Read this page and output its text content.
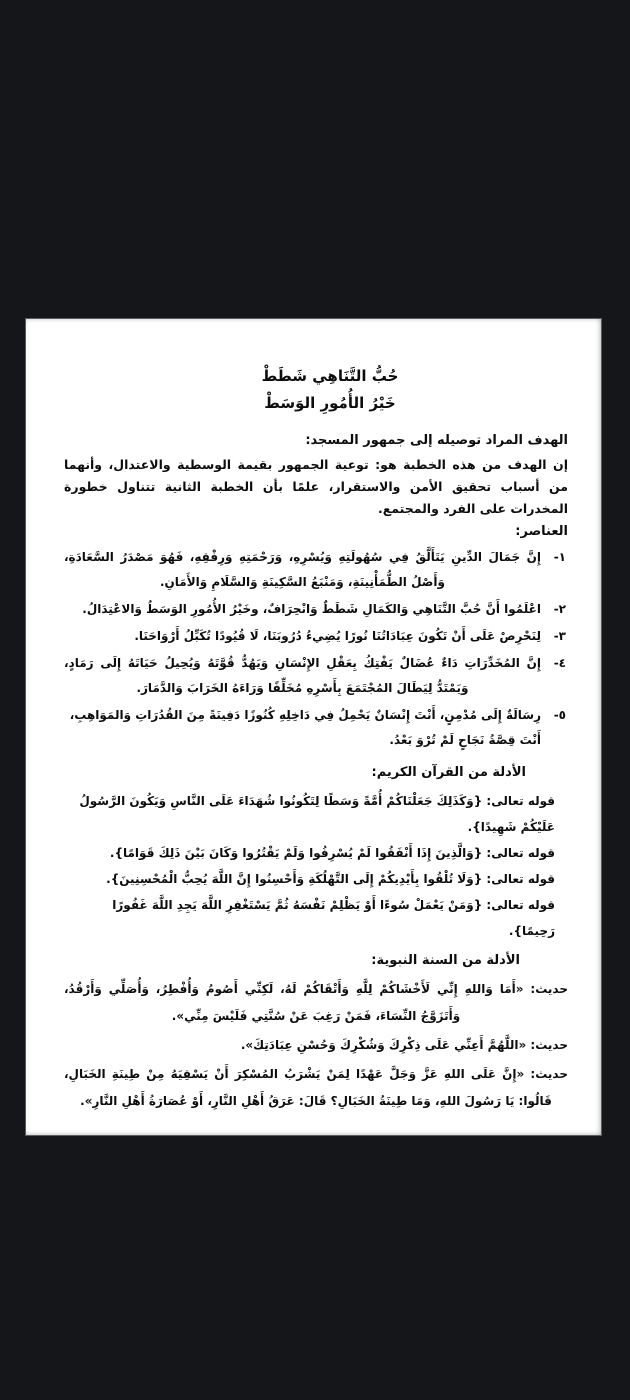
حُبُّ التَّنَاهِي شَطَطْ
خَيْرُ الأُمُورِ الوَسَطْ
الهدف المراد توصيله إلى جمهور المسجد:
إن الهدف من هذه الخطبة هو: توعية الجمهور بقيمة الوسطية والاعتدال، وأنهما من أسباب تحقيق الأمن والاستقرار، علمًا بأن الخطبة الثانية تتناول خطورة المخدرات على الفرد والمجتمع.
العناصر:
١-
إِنَّ جَمَالَ الدِّينِ يَتَأَلَّقُ فِي سُهُولَتِهِ وَيُسْرِهِ، وَرَحْمَتِهِ وَرِفْقِهِ، فَهُوَ مَصْدَرُ السَّعَادَةِ، وَأَصْلُ الطُّمَأْنِينَةِ، وَمَنْبَعُ السَّكِينَةِ وَالسَّلَامِ وَالأَمَانِ.
٢-
اعْلَمُوا أَنَّ حُبَّ التَّنَاهِي وَالكَمَالِ شَطَطٌ وَانْحِرَافٌ، وخَيْرُ الأُمُورِ الوَسَطُ وَالاعْتِدَالُ.
٣-
لِنَحْرِصْ عَلَى أَنْ تَكُونَ عِبَادَاتُنَا نُورًا يُضِيءُ دُرُوبَنَا، لَا قُيُودًا تُكَبِّلُ أَرْوَاحَنَا.
٤-
إِنَّ المُخَدِّرَاتِ دَاءٌ عُضَالٌ يَفْتِكُ بِعَقْلِ الإِنْسَانِ وَيَهُدُّ قُوَّتَهُ وَيُحِيلُ حَيَاتَهُ إِلَى رَمَادٍ، وَيَمْتَدُّ لِيَطَالَ المُجْتَمَعَ بِأَسْرِهِ مُخَلِّفًا وَرَاءَهُ الخَرَابَ وَالدَّمَارَ.
٥-
رِسَالَةٌ إِلَى مُدْمِنٍ، أَنْتَ إِنْسَانٌ يَحْمِلُ فِي دَاخِلِهِ كُنُوزًا دَفِينَةً مِنَ القُدُرَاتِ وَالمَوَاهِبِ، أَنْتَ قِصَّةُ نَجَاحٍ لَمْ تُرْوَ بَعْدُ.
الأدلة من القرآن الكريم:
قوله تعالى: {وَكَذَلِكَ جَعَلْنَاكُمْ أُمَّةً وَسَطًا لِتَكُونُوا شُهَدَاءَ عَلَى النَّاسِ وَيَكُونَ الرَّسُولُ عَلَيْكُمْ شَهِيدًا}.
قوله تعالى: {وَالَّذِينَ إِذَا أَنْفَقُوا لَمْ يُسْرِفُوا وَلَمْ يَقْتُرُوا وَكَانَ بَيْنَ ذَلِكَ قَوَامًا}.
قوله تعالى: {وَلَا تُلْقُوا بِأَيْدِيكُمْ إِلَى التَّهْلُكَةِ وَأَحْسِنُوا إِنَّ اللَّهَ يُحِبُّ الْمُحْسِنِينَ}.
قوله تعالى: {وَمَنْ يَعْمَلْ سُوءًا أَوْ يَظْلِمْ نَفْسَهُ ثُمَّ يَسْتَغْفِرِ اللَّهَ يَجِدِ اللَّهَ غَفُورًا رَحِيمًا}.
الأدلة من السنة النبوية:
حديث: «أَمَا وَاللهِ إِنِّي لَأَخْشَاكُمْ لِلَّهِ وَأَتْقَاكُمْ لَهُ، لَكِنِّي أَصُومُ وَأُفْطِرُ، وَأُصَلِّي وَأَرْقُدُ، وَأَتَزَوَّجُ النِّسَاءَ، فَمَنْ رَغِبَ عَنْ سُنَّتِي فَلَيْسَ مِنِّي».
حديث: «اللَّهُمَّ أَعِنِّي عَلَى ذِكْرِكَ وَشُكْرِكَ وَحُسْنِ عِبَادَتِكَ».
حديث: «إِنَّ عَلَى اللهِ عَزَّ وَجَلَّ عَهْدًا لِمَنْ يَشْرَبُ المُسْكِرَ أَنْ يَسْقِيَهُ مِنْ طِينَةِ الخَبَالِ، قَالُوا: يَا رَسُولَ اللهِ، وَمَا طِينَةُ الخَبَالِ؟ قَالَ: عَرَقُ أَهْلِ النَّارِ، أَوْ عُصَارَةُ أَهْلِ النَّارِ».
